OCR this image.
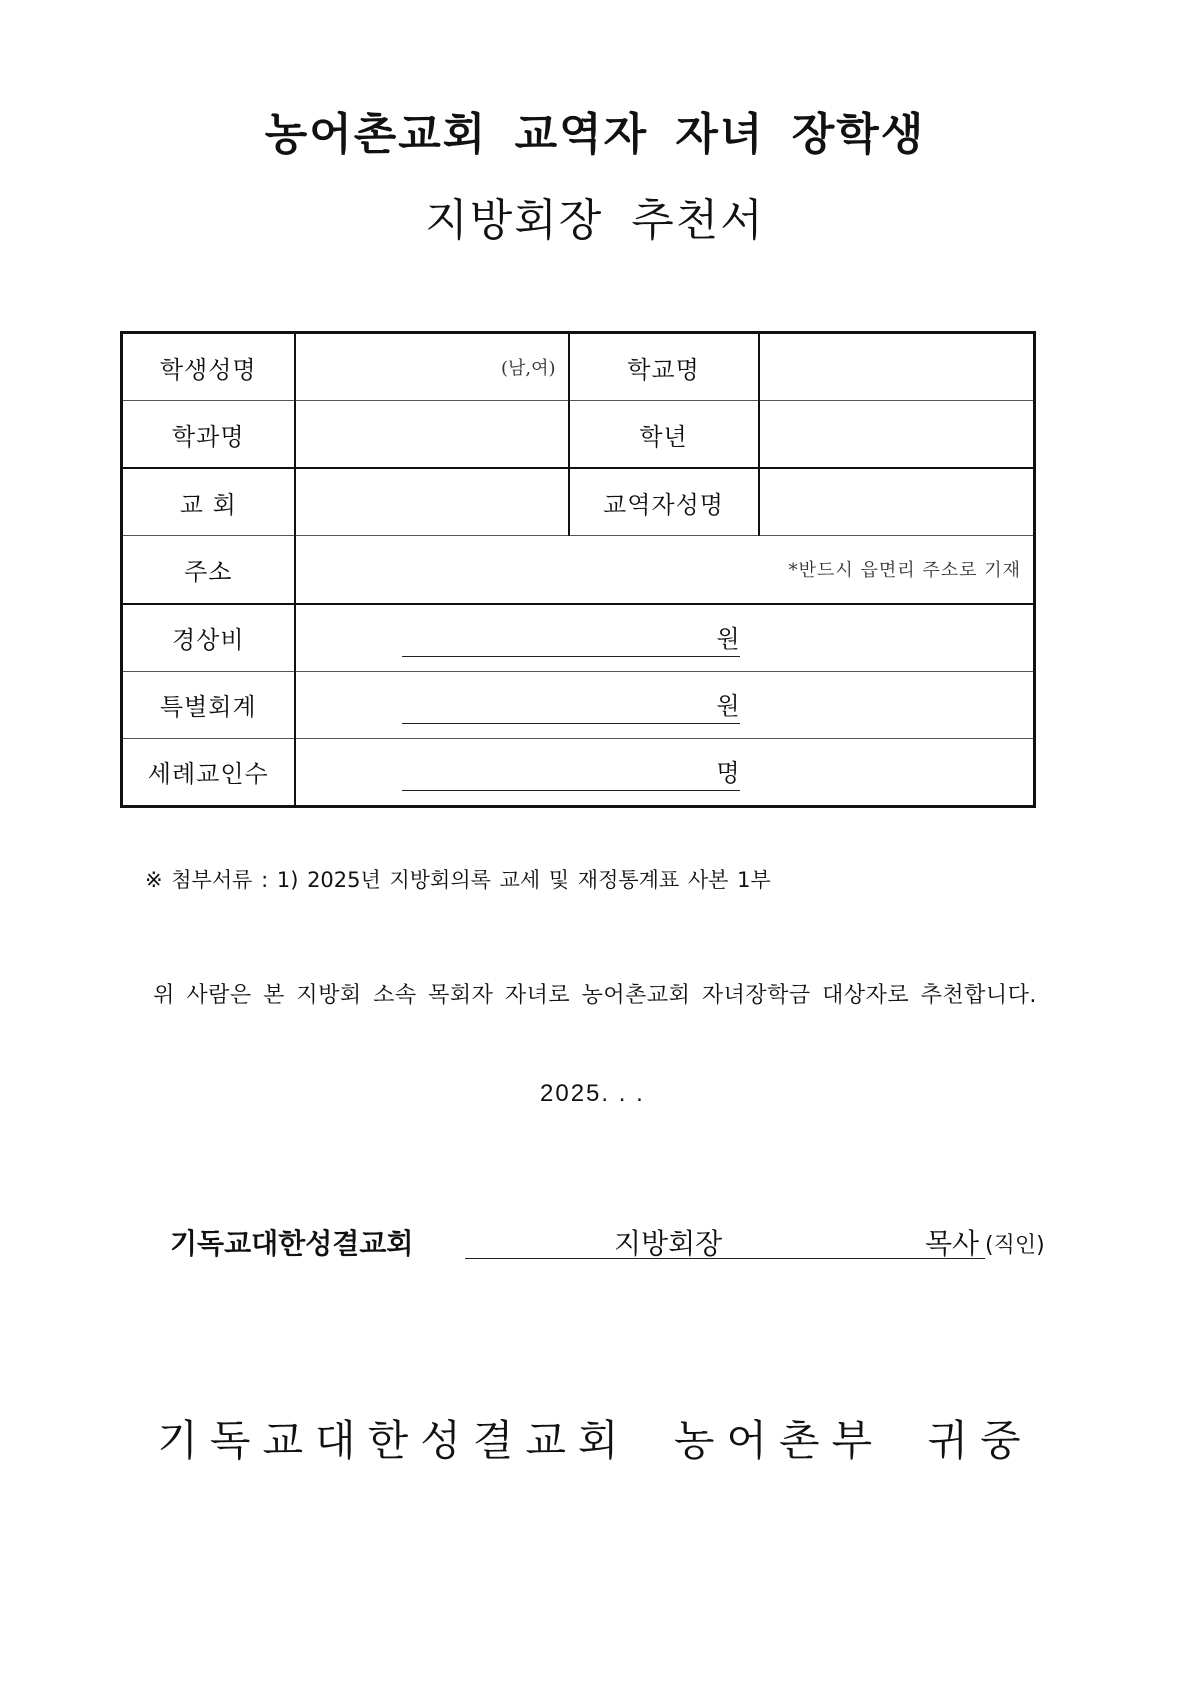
농어촌교회 교역자 자녀 장학생
지방회장 추천서
학생성명	(남,여)	학교명	
학과명		학년	
교 회		교역자성명	
주소	*반드시 읍면리 주소로 기재		

경상비	원		

특별회계	원		

세례교인수	명		
※ 첨부서류 : 1) 2025년 지방회의록 교세 및 재정통계표 사본 1부
위 사람은 본 지방회 소속 목회자 자녀로 농어촌교회 자녀장학금 대상자로 추천합니다.
2025. . .
기독교대한성결교회	지방회장	목사 (직인)
기독교대한성결교회 농어촌부 귀중
